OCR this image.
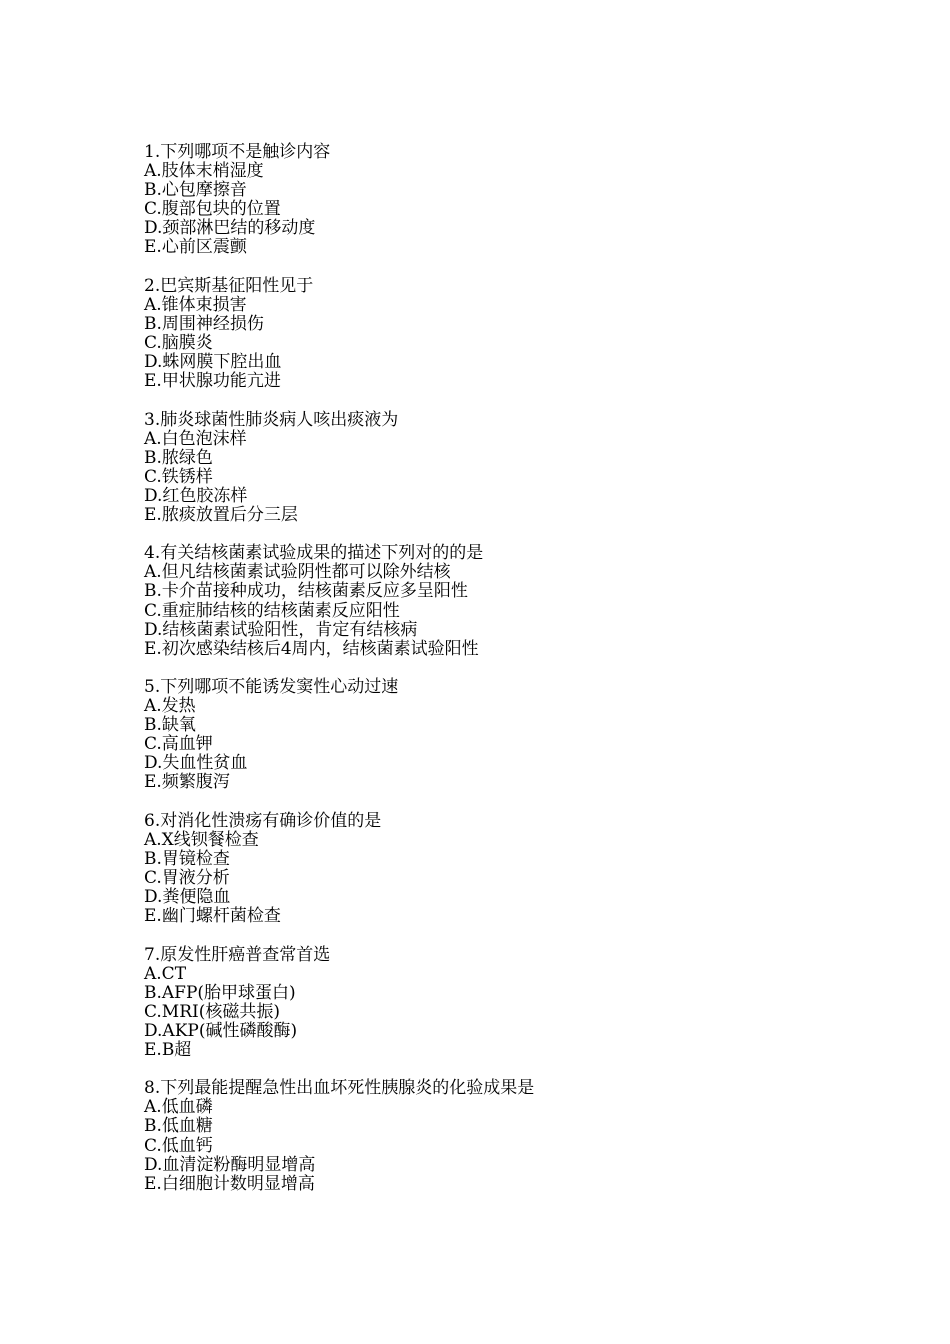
1.下列哪项不是触诊内容
A.肢体末梢湿度
B.心包摩擦音
C.腹部包块的位置
D.颈部淋巴结的移动度
E.心前区震颤
2.巴宾斯基征阳性见于
A.锥体束损害
B.周围神经损伤
C.脑膜炎
D.蛛网膜下腔出血
E.甲状腺功能亢进
3.肺炎球菌性肺炎病人咳出痰液为
A.白色泡沫样
B.脓绿色
C.铁锈样
D.红色胶冻样
E.脓痰放置后分三层
4.有关结核菌素试验成果的描述下列对的的是
A.但凡结核菌素试验阴性都可以除外结核
B.卡介苗接种成功，结核菌素反应多呈阳性
C.重症肺结核的结核菌素反应阳性
D.结核菌素试验阳性，肯定有结核病
E.初次感染结核后4周内，结核菌素试验阳性
5.下列哪项不能诱发窦性心动过速
A.发热
B.缺氧
C.高血钾
D.失血性贫血
E.频繁腹泻
6.对消化性溃疡有确诊价值的是
A.X线钡餐检查
B.胃镜检查
C.胃液分析
D.粪便隐血
E.幽门螺杆菌检查
7.原发性肝癌普查常首选
A.CT
B.AFP(胎甲球蛋白)
C.MRI(核磁共振)
D.AKP(碱性磷酸酶)
E.B超
8.下列最能提醒急性出血坏死性胰腺炎的化验成果是
A.低血磷
B.低血糖
C.低血钙
D.血清淀粉酶明显增高
E.白细胞计数明显增高
